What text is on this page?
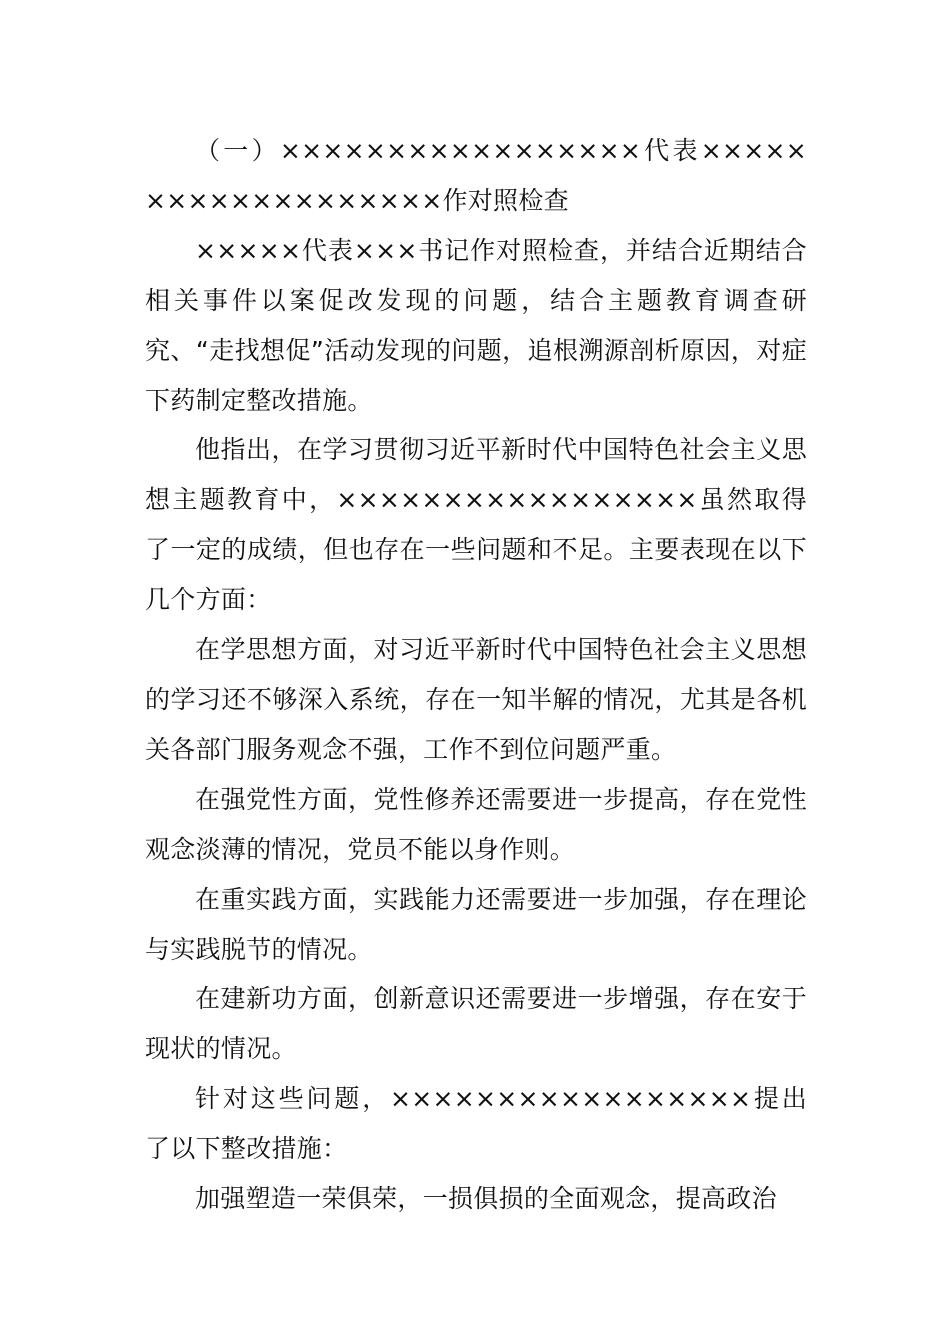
（一）×××××××××××××××××代表×××××××××××××××××××作对照检查

×××××代表×××书记作对照检查，并结合近期结合相关事件以案促改发现的问题，结合主题教育调查研究、“走找想促”活动发现的问题，追根溯源剖析原因，对症下药制定整改措施。

他指出，在学习贯彻习近平新时代中国特色社会主义思想主题教育中，×××××××××××××××××虽然取得了一定的成绩，但也存在一些问题和不足。主要表现在以下几个方面：

在学思想方面，对习近平新时代中国特色社会主义思想的学习还不够深入系统，存在一知半解的情况，尤其是各机关各部门服务观念不强，工作不到位问题严重。

在强党性方面，党性修养还需要进一步提高，存在党性观念淡薄的情况，党员不能以身作则。

在重实践方面，实践能力还需要进一步加强，存在理论与实践脱节的情况。

在建新功方面，创新意识还需要进一步增强，存在安于现状的情况。

针对这些问题，×××××××××××××××××提出了以下整改措施：

加强塑造一荣俱荣，一损俱损的全面观念，提高政治
